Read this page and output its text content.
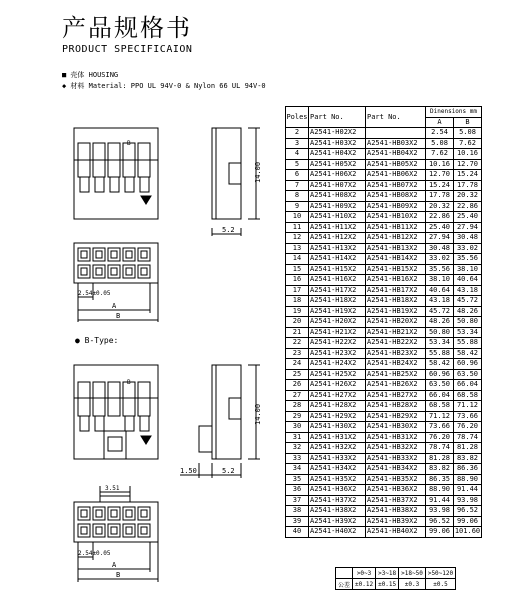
产品规格书
PRODUCT SPECIFICAION
■ 壳体 HOUSING
◆ 材料 Material: PPO UL 94V-0 & Nylon 66 UL 94V-0
● B-Type:
B
5.2
14.00
2.54±0.05
A
B
B
1.50	5.2
14.00
3.51
2.54±0.05
A
B
Poles	Part No.	Part No.	Dinensions mm	
			A	B
2	A2541-H02X2		2.54	5.08
3	A2541-H03X2	A2541-HB03X2	5.08	7.62
4	A2541-H04X2	A2541-HB04X2	7.62	10.16
5	A2541-H05X2	A2541-HB05X2	10.16	12.70
6	A2541-H06X2	A2541-HB06X2	12.70	15.24
7	A2541-H07X2	A2541-HB07X2	15.24	17.78
8	A2541-H08X2	A2541-HB08X2	17.78	20.32
9	A2541-H09X2	A2541-HB09X2	20.32	22.86
10	A2541-H10X2	A2541-HB10X2	22.86	25.40
11	A2541-H11X2	A2541-HB11X2	25.40	27.94
12	A2541-H12X2	A2541-HB12X2	27.94	30.48
13	A2541-H13X2	A2541-HB13X2	30.48	33.02
14	A2541-H14X2	A2541-HB14X2	33.02	35.56
15	A2541-H15X2	A2541-HB15X2	35.56	38.10
16	A2541-H16X2	A2541-HB16X2	38.10	40.64
17	A2541-H17X2	A2541-HB17X2	40.64	43.18
18	A2541-H18X2	A2541-HB18X2	43.18	45.72
19	A2541-H19X2	A2541-HB19X2	45.72	48.26
20	A2541-H20X2	A2541-HB20X2	48.26	50.80
21	A2541-H21X2	A2541-HB21X2	50.80	53.34
22	A2541-H22X2	A2541-HB22X2	53.34	55.88
23	A2541-H23X2	A2541-HB23X2	55.88	58.42
24	A2541-H24X2	A2541-HB24X2	58.42	60.96
25	A2541-H25X2	A2541-HB25X2	60.96	63.50
26	A2541-H26X2	A2541-HB26X2	63.50	66.04
27	A2541-H27X2	A2541-HB27X2	66.04	68.58
28	A2541-H28X2	A2541-HB28X2	68.58	71.12
29	A2541-H29X2	A2541-HB29X2	71.12	73.66
30	A2541-H30X2	A2541-HB30X2	73.66	76.20
31	A2541-H31X2	A2541-HB31X2	76.20	78.74
32	A2541-H32X2	A2541-HB32X2	78.74	81.28
33	A2541-H33X2	A2541-HB33X2	81.28	83.82
34	A2541-H34X2	A2541-HB34X2	83.82	86.36
35	A2541-H35X2	A2541-HB35X2	86.35	88.90
36	A2541-H36X2	A2541-HB36X2	88.90	91.44
37	A2541-H37X2	A2541-HB37X2	91.44	93.98
38	A2541-H38X2	A2541-HB38X2	93.98	96.52
39	A2541-H39X2	A2541-HB39X2	96.52	99.06
40	A2541-H40X2	A2541-HB40X2	99.06	101.60
	>0~3	>3~18	>18~50	>50~120
公差	±0.12	±0.15	±0.3	±0.5
